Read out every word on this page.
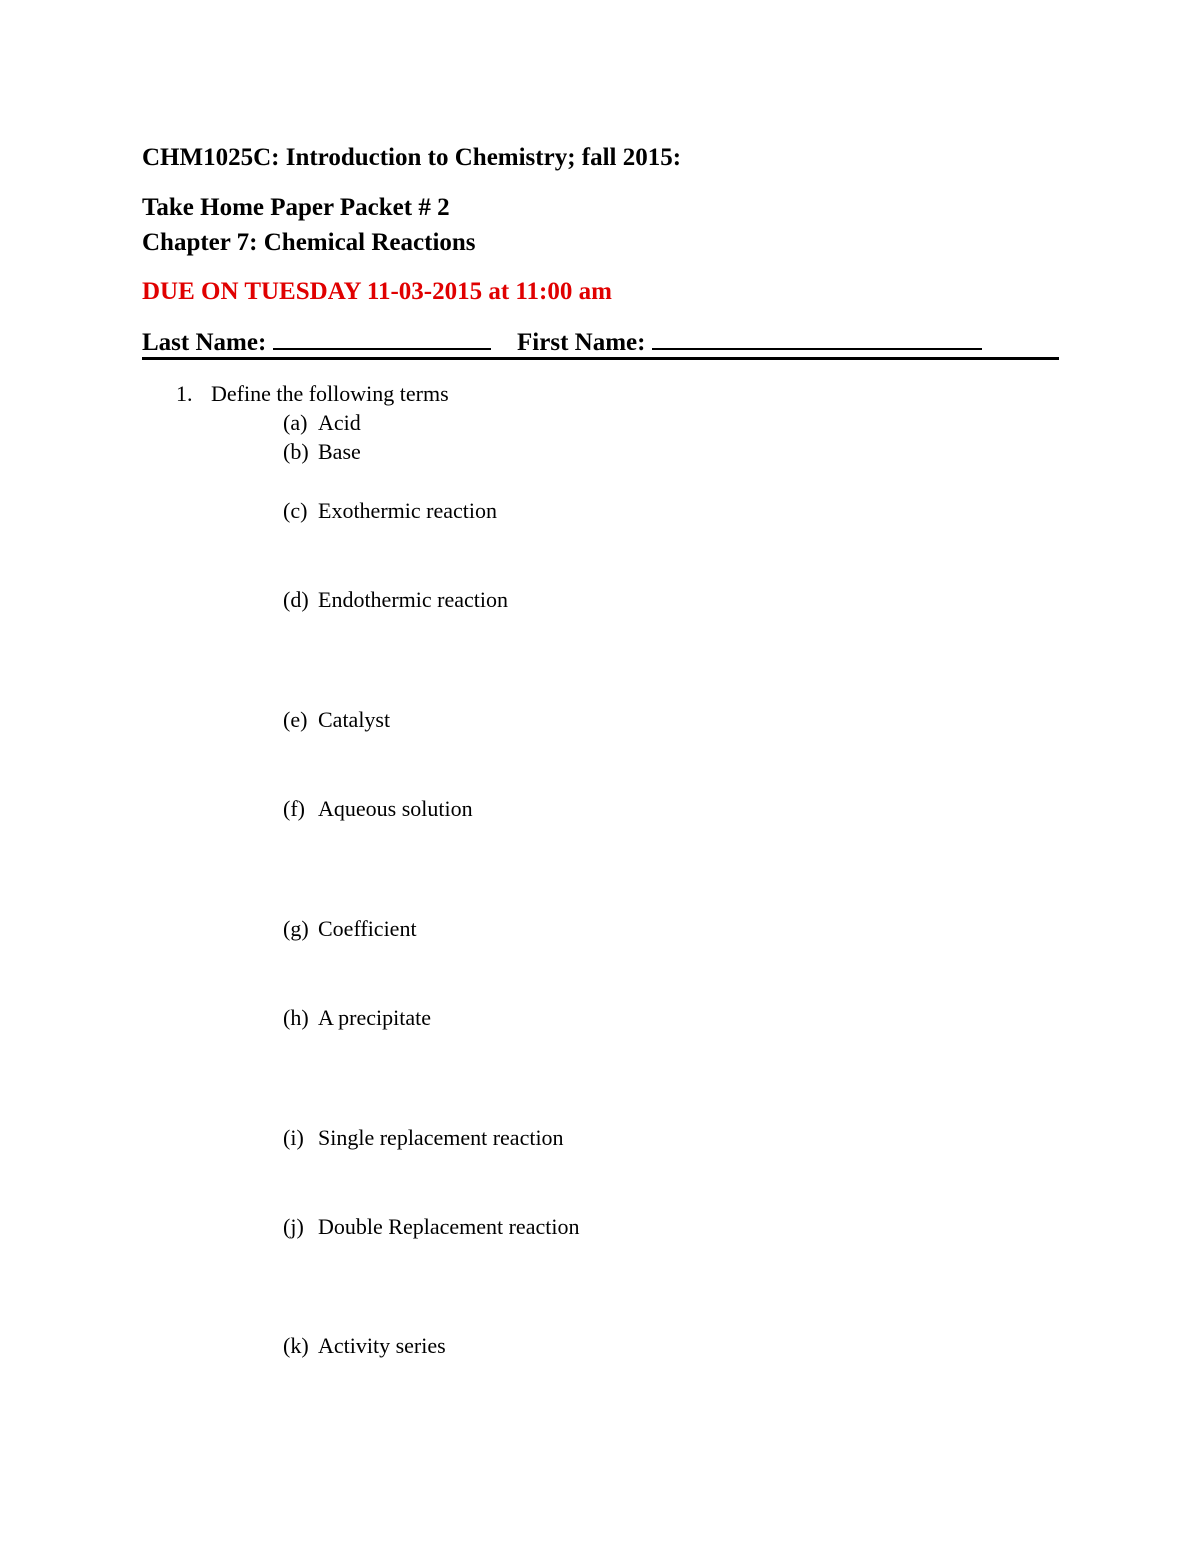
CHM1025C: Introduction to Chemistry; fall 2015:
Take Home Paper Packet # 2
Chapter 7: Chemical Reactions
DUE ON TUESDAY 11-03-2015 at 11:00 am
Last Name:	First Name:
1. Define the following terms
(a) Acid
(b) Base
(c) Exothermic reaction
(d) Endothermic reaction
(e) Catalyst
(f) Aqueous solution
(g) Coefficient
(h) A precipitate
(i) Single replacement reaction
(j) Double Replacement reaction
(k) Activity series
